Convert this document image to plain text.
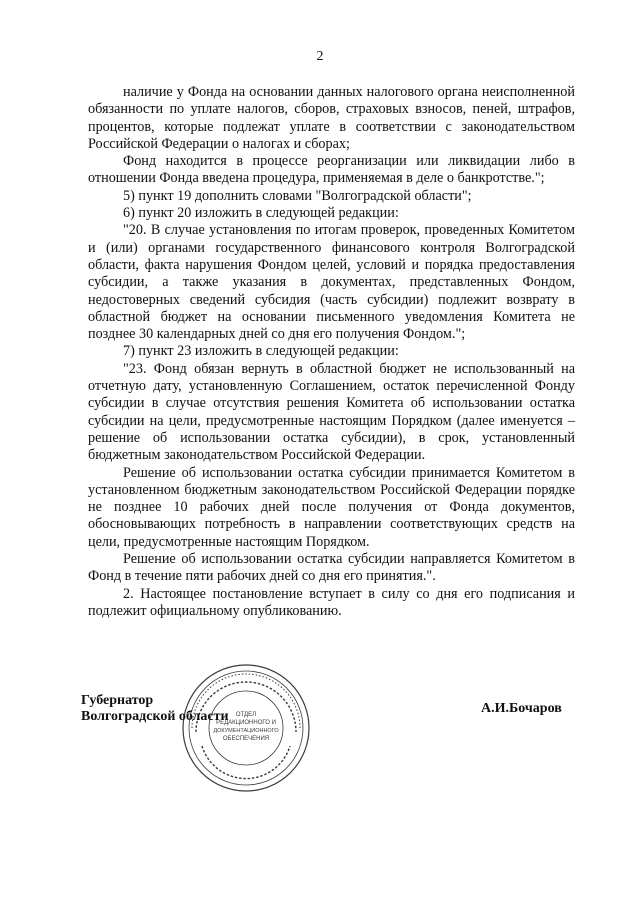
2

наличие у Фонда на основании данных налогового органа неисполненной обязанности по уплате налогов, сборов, страховых взносов, пеней, штрафов, процентов, которые подлежат уплате в соответствии с законодательством Российской Федерации о налогах и сборах;

Фонд находится в процессе реорганизации или ликвидации либо в отношении Фонда введена процедура, применяемая в деле о банкротстве.";

5) пункт 19 дополнить словами "Волгоградской области";

6) пункт 20 изложить в следующей редакции:

"20. В случае установления по итогам проверок, проведенных Комитетом и (или) органами государственного финансового контроля Волгоградской области, факта нарушения Фондом целей, условий и порядка предоставления субсидии, а также указания в документах, представленных Фондом, недостоверных сведений субсидия (часть субсидии) подлежит возврату в областной бюджет на основании письменного уведомления Комитета не позднее 30 календарных дней со дня его получения Фондом.";

7) пункт 23 изложить в следующей редакции:

"23. Фонд обязан вернуть в областной бюджет не использованный на отчетную дату, установленную Соглашением, остаток перечисленной Фонду субсидии в случае отсутствия решения Комитета об использовании остатка субсидии на цели, предусмотренные настоящим Порядком (далее именуется – решение об использовании остатка субсидии), в срок, установленный бюджетным законодательством Российской Федерации.

Решение об использовании остатка субсидии принимается Комитетом в установленном бюджетным законодательством Российской Федерации порядке не позднее 10 рабочих дней после получения от Фонда документов, обосновывающих потребность в направлении соответствующих средств на цели, предусмотренные настоящим Порядком.

Решение об использовании остатка субсидии направляется Комитетом в Фонд в течение пяти рабочих дней со дня его принятия.".

2. Настоящее постановление вступает в силу со дня его подписания и подлежит официальному опубликованию.

ОТДЕЛ
РЕДАКЦИОННОГО И
ДОКУМЕНТАЦИОННОГО
ОБЕСПЕЧЕНИЯ
Губернатор
Волгоградской области
А.И.Бочаров
